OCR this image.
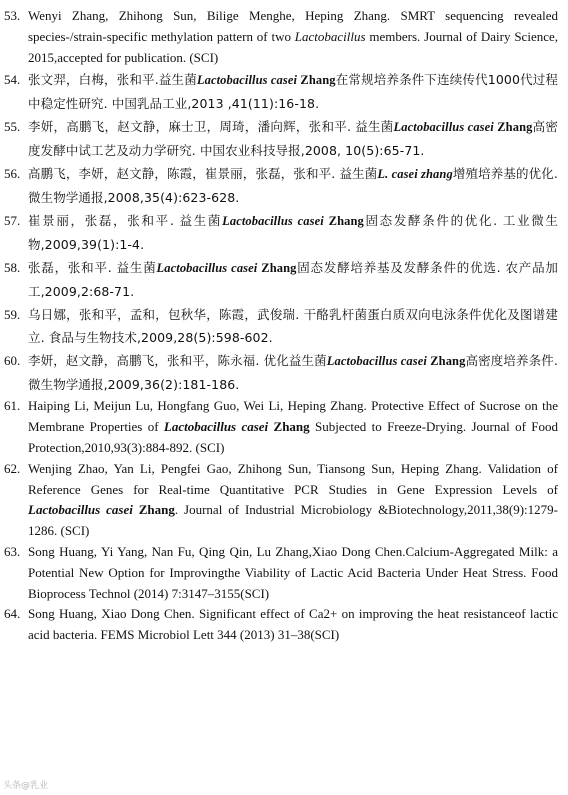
53. Wenyi Zhang, Zhihong Sun, Bilige Menghe, Heping Zhang. SMRT sequencing revealed species-/strain-specific methylation pattern of two Lactobacillus members. Journal of Dairy Science, 2015,accepted for publication. (SCI)
54. 张文羿，白梅，张和平.益生菌Lactobacillus casei Zhang在常规培养条件下连续传代1000代过程中稳定性研究. 中国乳品工业,2013 ,41(11):16-18.
55. 李妍，高鹏飞，赵文静，麻士卫，周琦，潘向辉，张和平. 益生菌Lactobacillus casei Zhang高密度发酵中试工艺及动力学研究. 中国农业科技导报,2008, 10(5):65-71.
56. 高鹏飞，李妍，赵文静，陈霞，崔景丽，张磊，张和平. 益生菌L. casei zhang增殖培养基的优化. 微生物学通报,2008,35(4):623-628.
57. 崔景丽，张磊，张和平. 益生菌Lactobacillus casei Zhang固态发酵条件的优化. 工业微生物,2009,39(1):1-4.
58. 张磊，张和平. 益生菌Lactobacillus casei Zhang固态发酵培养基及发酵条件的优选. 农产品加工,2009,2:68-71.
59. 乌日娜，张和平，孟和，包秋华，陈霞，武俊瑞. 干酪乳杆菌蛋白质双向电泳条件优化及图谱建立. 食品与生物技术,2009,28(5):598-602.
60. 李妍，赵文静，高鹏飞，张和平，陈永福. 优化益生菌Lactobacillus casei Zhang高密度培养条件. 微生物学通报,2009,36(2):181-186.
61. Haiping Li, Meijun Lu, Hongfang Guo, Wei Li, Heping Zhang. Protective Effect of Sucrose on the Membrane Properties of Lactobacillus casei Zhang Subjected to Freeze-Drying. Journal of Food Protection,2010,93(3):884-892. (SCI)
62. Wenjing Zhao, Yan Li, Pengfei Gao, Zhihong Sun, Tiansong Sun, Heping Zhang. Validation of Reference Genes for Real-time Quantitative PCR Studies in Gene Expression Levels of Lactobacillus casei Zhang. Journal of Industrial Microbiology &Biotechnology,2011,38(9):1279-1286. (SCI)
63. Song Huang, Yi Yang, Nan Fu, Qing Qin, Lu Zhang,Xiao Dong Chen.Calcium-Aggregated Milk: a Potential New Option for Improvingthe Viability of Lactic Acid Bacteria Under Heat Stress. Food Bioprocess Technol (2014) 7:3147–3155(SCI)
64. Song Huang, Xiao Dong Chen. Significant effect of Ca2+ on improving the heat resistanceof lactic acid bacteria. FEMS Microbiol Lett 344 (2013) 31–38(SCI)
头条@乳业
